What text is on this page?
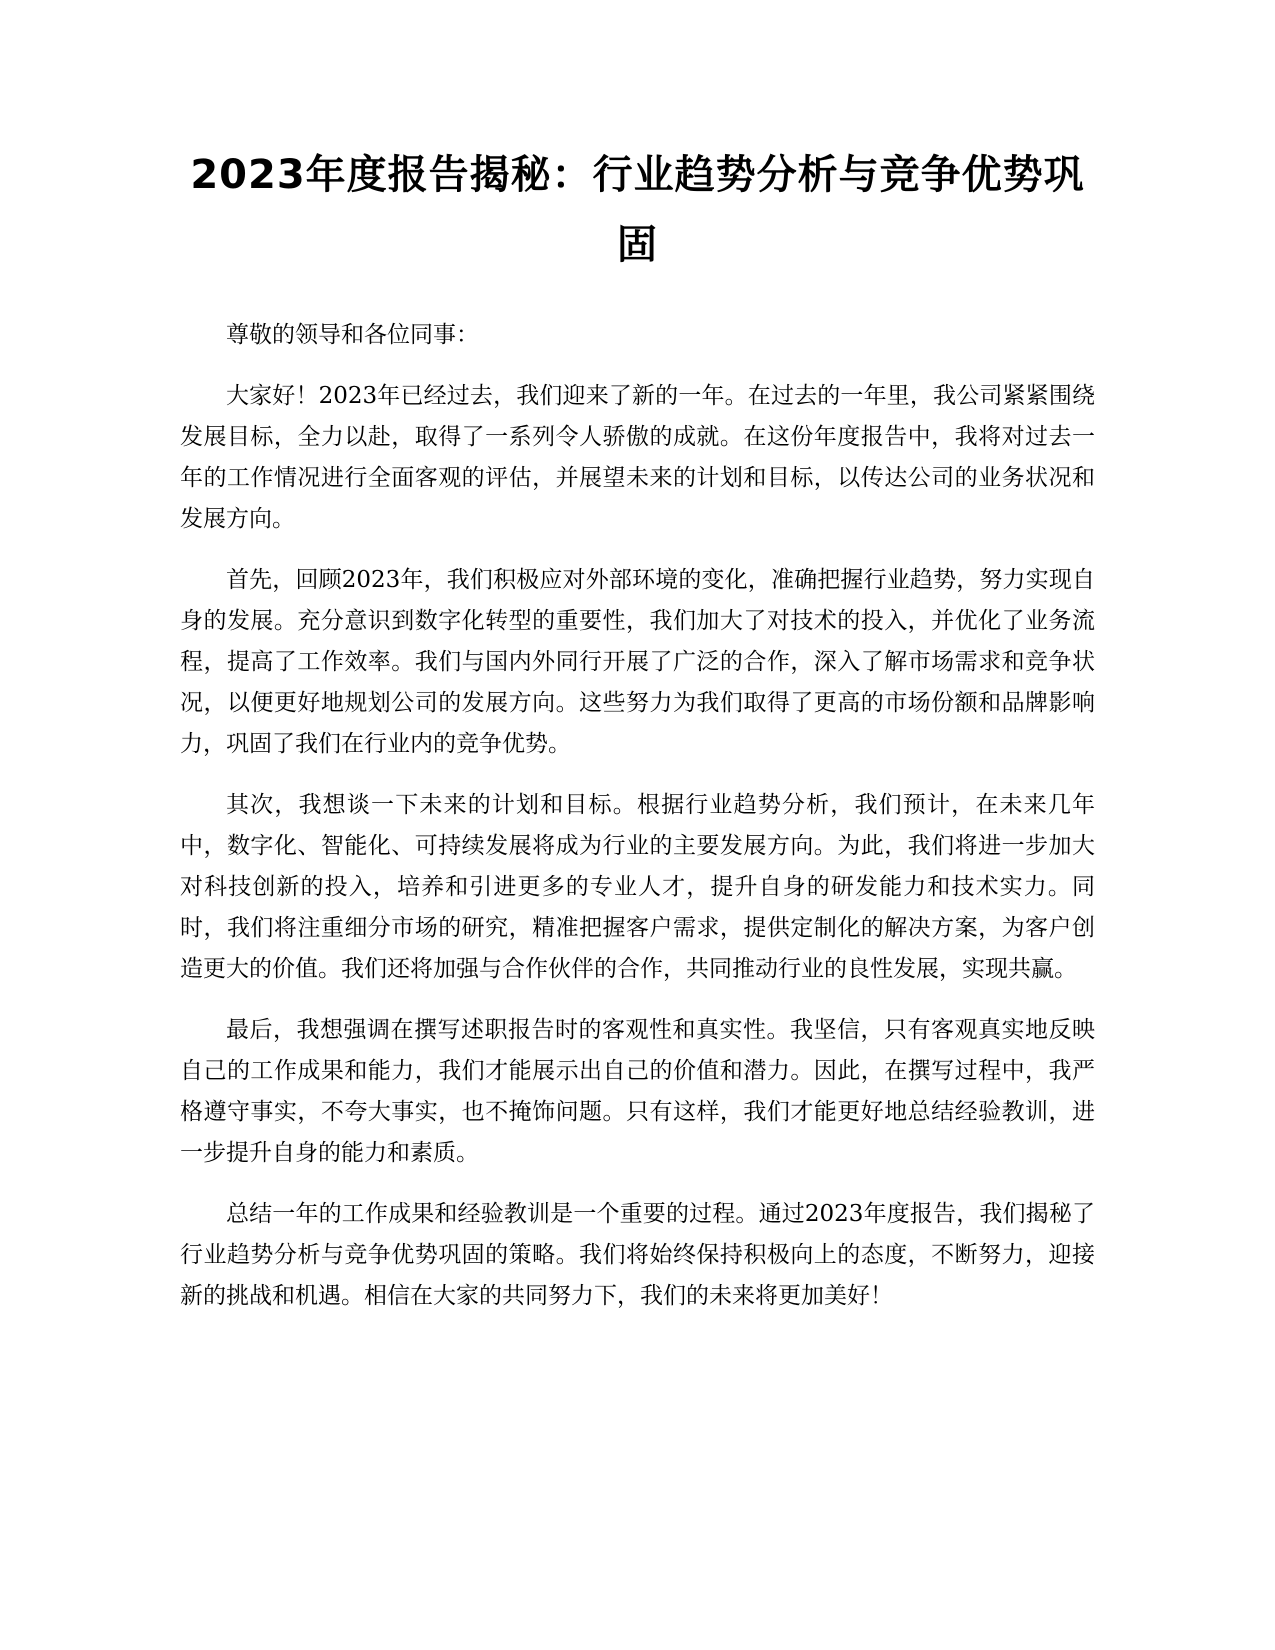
2023年度报告揭秘：行业趋势分析与竞争优势巩固

尊敬的领导和各位同事：

大家好！2023年已经过去，我们迎来了新的一年。在过去的一年里，我公司紧紧围绕发展目标，全力以赴，取得了一系列令人骄傲的成就。在这份年度报告中，我将对过去一年的工作情况进行全面客观的评估，并展望未来的计划和目标，以传达公司的业务状况和发展方向。

首先，回顾2023年，我们积极应对外部环境的变化，准确把握行业趋势，努力实现自身的发展。充分意识到数字化转型的重要性，我们加大了对技术的投入，并优化了业务流程，提高了工作效率。我们与国内外同行开展了广泛的合作，深入了解市场需求和竞争状况，以便更好地规划公司的发展方向。这些努力为我们取得了更高的市场份额和品牌影响力，巩固了我们在行业内的竞争优势。

其次，我想谈一下未来的计划和目标。根据行业趋势分析，我们预计，在未来几年中，数字化、智能化、可持续发展将成为行业的主要发展方向。为此，我们将进一步加大对科技创新的投入，培养和引进更多的专业人才，提升自身的研发能力和技术实力。同时，我们将注重细分市场的研究，精准把握客户需求，提供定制化的解决方案，为客户创造更大的价值。我们还将加强与合作伙伴的合作，共同推动行业的良性发展，实现共赢。

最后，我想强调在撰写述职报告时的客观性和真实性。我坚信，只有客观真实地反映自己的工作成果和能力，我们才能展示出自己的价值和潜力。因此，在撰写过程中，我严格遵守事实，不夸大事实，也不掩饰问题。只有这样，我们才能更好地总结经验教训，进一步提升自身的能力和素质。

总结一年的工作成果和经验教训是一个重要的过程。通过2023年度报告，我们揭秘了行业趋势分析与竞争优势巩固的策略。我们将始终保持积极向上的态度，不断努力，迎接新的挑战和机遇。相信在大家的共同努力下，我们的未来将更加美好！
